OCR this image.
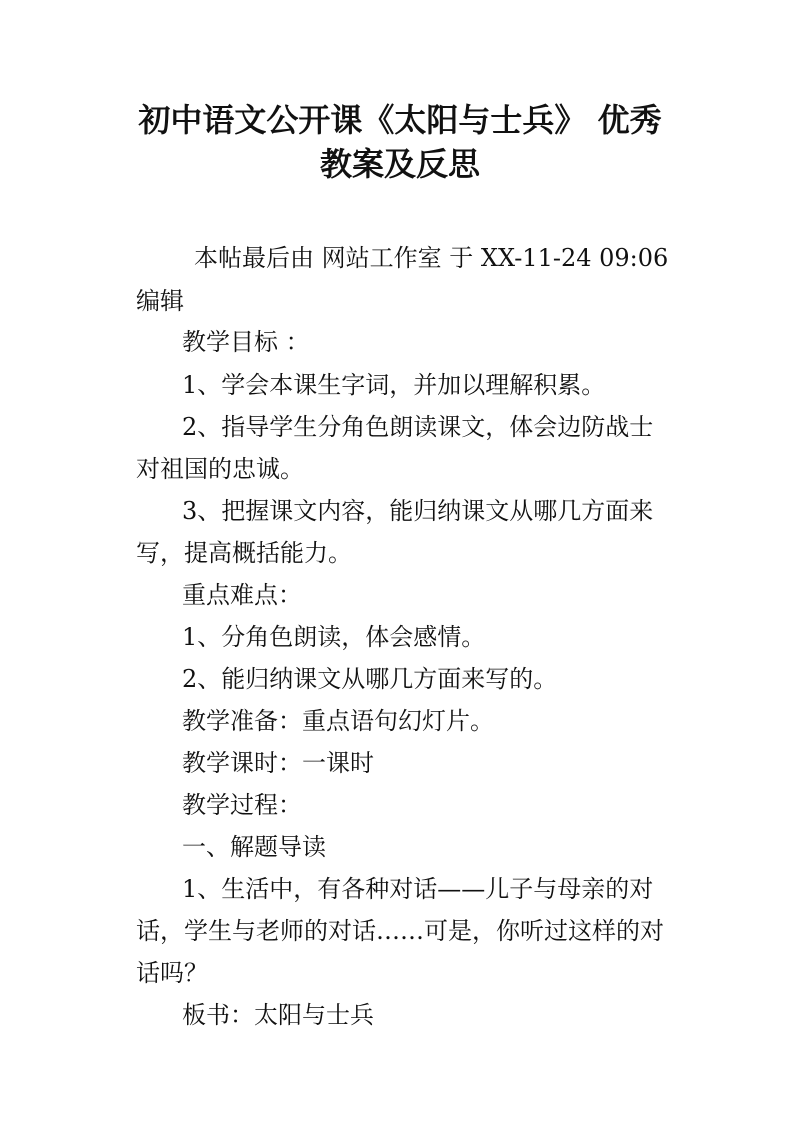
初中语文公开课《太阳与士兵》 优秀
教案及反思
本帖最后由 网站工作室 于 XX-11-24 09:06
编辑
教学目标 ：
1、学会本课生字词，并加以理解积累。
2、指导学生分角色朗读课文，体会边防战士
对祖国的忠诚。
3、把握课文内容，能归纳课文从哪几方面来
写，提高概括能力。
重点难点：
1、分角色朗读，体会感情。
2、能归纳课文从哪几方面来写的。
教学准备：重点语句幻灯片。
教学课时：一课时
教学过程：
一、解题导读
1、生活中，有各种对话——儿子与母亲的对
话，学生与老师的对话……可是，你听过这样的对
话吗？
板书：太阳与士兵
